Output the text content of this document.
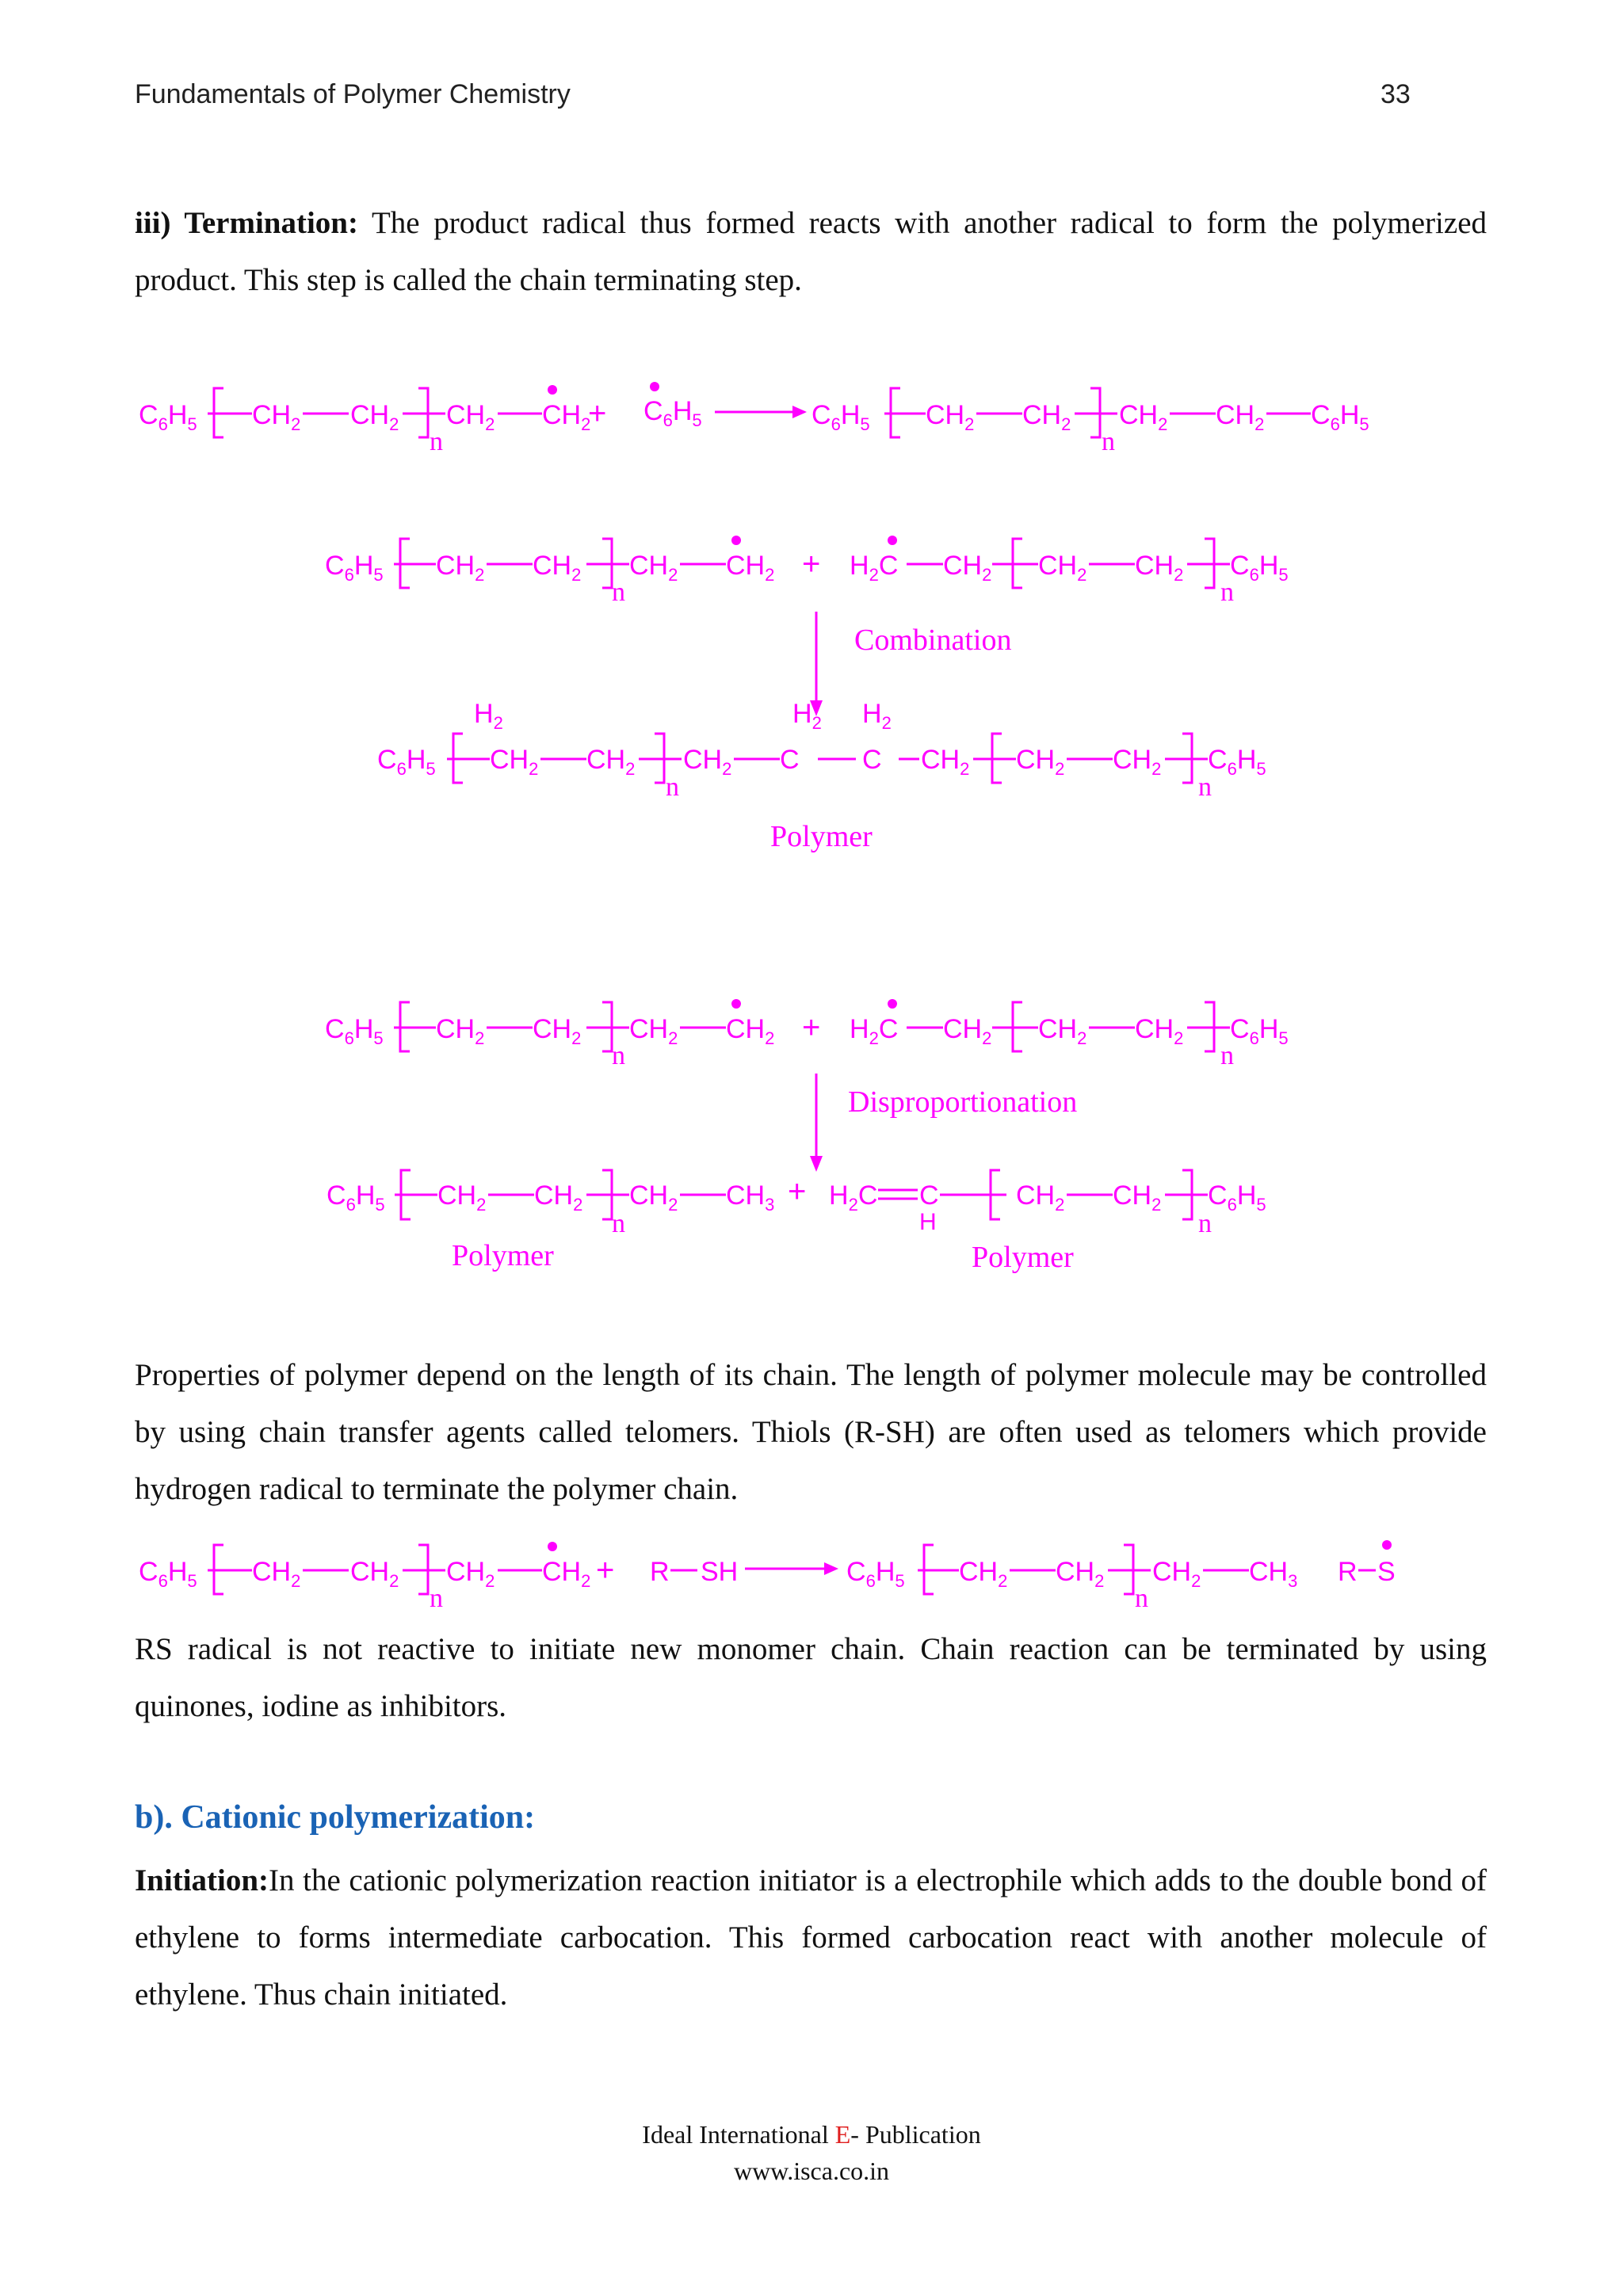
Fundamentals of Polymer Chemistry	33

iii) Termination: The product radical thus formed reacts with another radical to form the polymerized product. This step is called the chain terminating step.

$C_6H_5$ $CH_2$ $CH_2$
n
$CH_2$ $CH_2$
+ $C_6H_5$	$C_6H_5$ $CH_2$ $CH_2$
n
$CH_2$ $CH_2$ $C_6H_5$
$C_6H_5$ $CH_2$ $CH_2$
n
$CH_2$ $CH_2 + H_2C$ $CH_2$ $CH_2$ $CH_2$
n
$C_6H_5$
Combination
$H_2$	$H_2$
$H_2$
$C_6H_5$ $CH_2$ $CH_2$
n
$CH_2$ C C $CH_2$ $CH_2$ $CH_2$
n
$C_6H_5$
Polymer
$C_6H_5$ $CH_2$ $CH_2$
n
$CH_2$ $CH_2 + H_2C$ $CH_2$ $CH_2$ $CH_2$
n
$C_6H_5$
Disproportionation
$C_6H_5$ $CH_2$ $CH_2$
n
$CH_2$ $CH_3 + H_2C$ C
H
$CH_2$ $CH_2$
n
$C_6H_5$
Polymer	Polymer

Properties of polymer depend on the length of its chain. The length of polymer molecule may be controlled by using chain transfer agents called telomers. Thiols (R-SH) are often used as telomers which provide hydrogen radical to terminate the polymer chain.

$C_6H_5$ $CH_2$ $CH_2$
n
$CH_2$ $CH_2 + R$ SH	$C_6H_5$ $CH_2$ $CH_2$
n
$CH_2$ $CH_3$ R S

RS radical is not reactive to initiate new monomer chain. Chain reaction can be terminated by using quinones, iodine as inhibitors.

b). Cationic polymerization:

Initiation:In the cationic polymerization reaction initiator is a electrophile which adds to the double bond of ethylene to forms intermediate carbocation. This formed carbocation react with another molecule of ethylene. Thus chain initiated.

Ideal International E- Publication
www.isca.co.in
